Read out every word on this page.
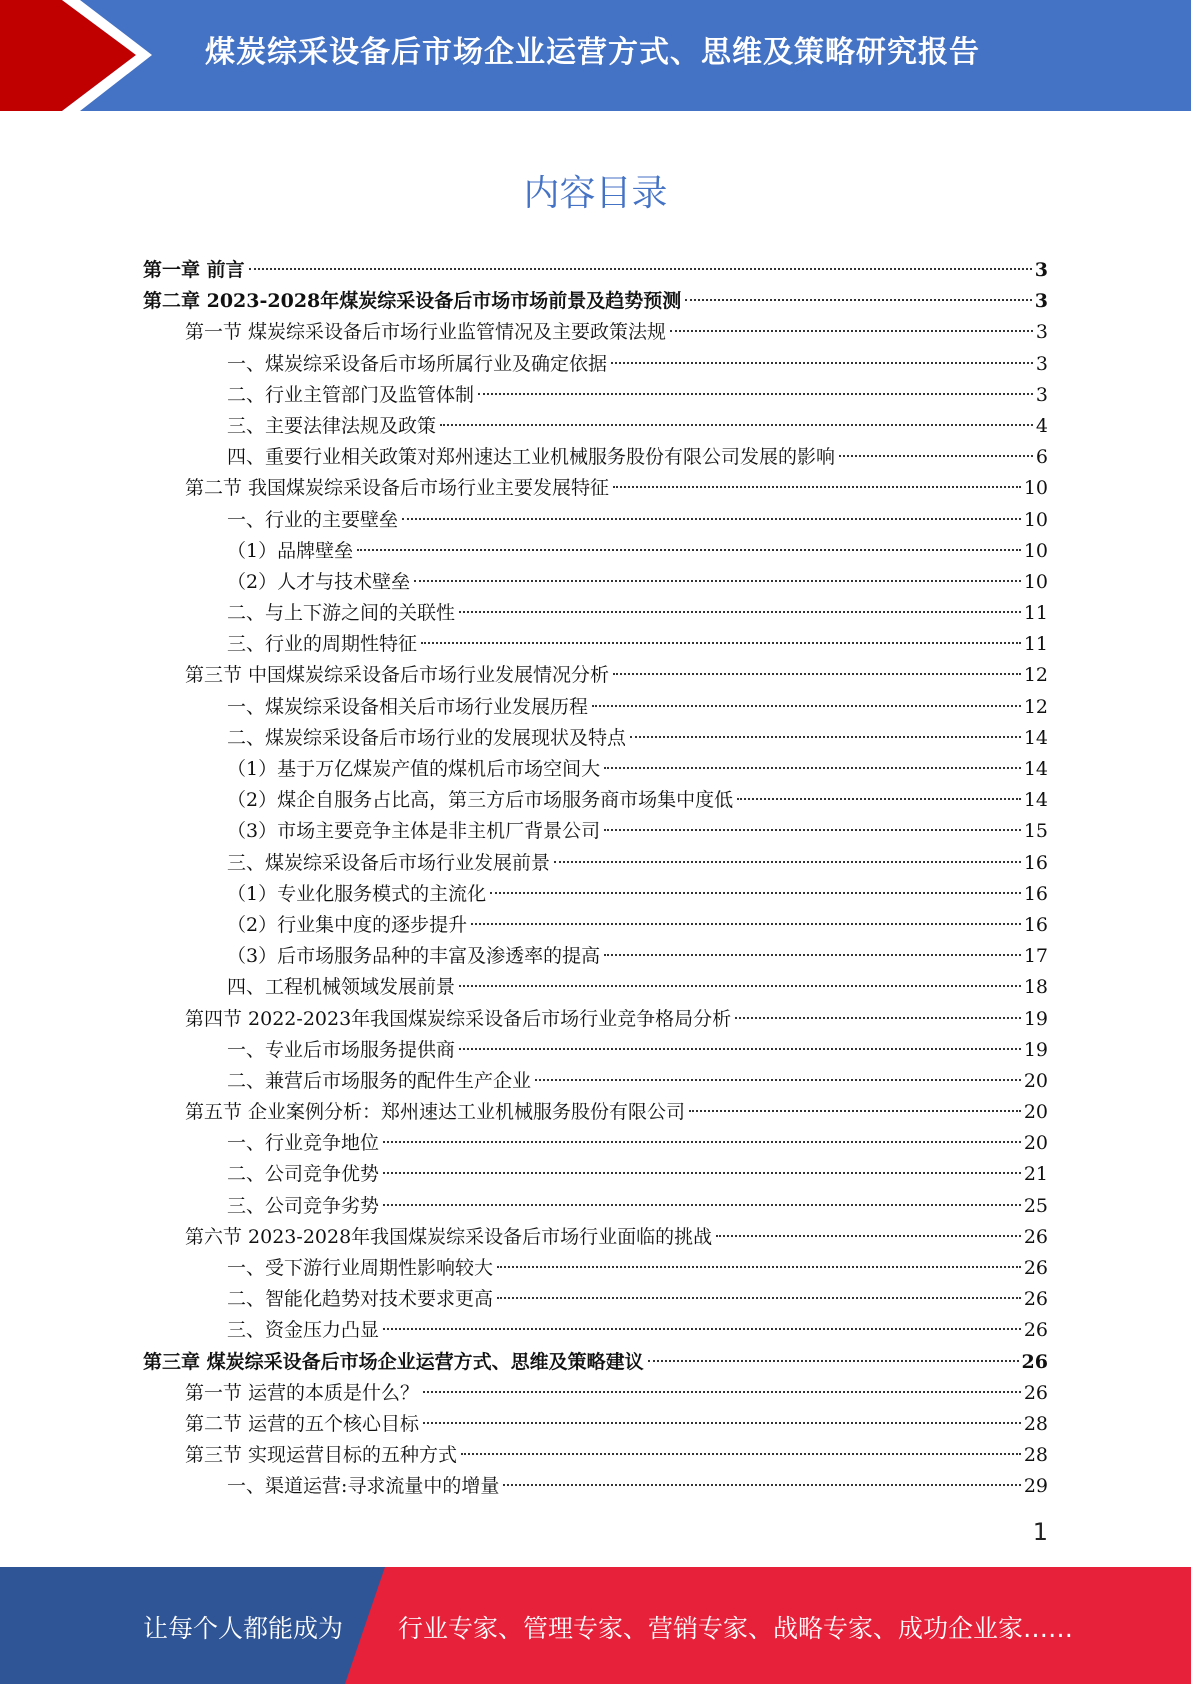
煤炭综采设备后市场企业运营方式、思维及策略研究报告
内容目录
第一章 前言	3
第二章 2023-2028年煤炭综采设备后市场市场前景及趋势预测	3
第一节 煤炭综采设备后市场行业监管情况及主要政策法规	3
一、煤炭综采设备后市场所属行业及确定依据	3
二、行业主管部门及监管体制	3
三、主要法律法规及政策	4
四、重要行业相关政策对郑州速达工业机械服务股份有限公司发展的影响	6
第二节 我国煤炭综采设备后市场行业主要发展特征	10
一、行业的主要壁垒	10
（1）品牌壁垒	10
（2）人才与技术壁垒	10
二、与上下游之间的关联性	11
三、行业的周期性特征	11
第三节 中国煤炭综采设备后市场行业发展情况分析	12
一、煤炭综采设备相关后市场行业发展历程	12
二、煤炭综采设备后市场行业的发展现状及特点	14
（1）基于万亿煤炭产值的煤机后市场空间大	14
（2）煤企自服务占比高，第三方后市场服务商市场集中度低	14
（3）市场主要竞争主体是非主机厂背景公司	15
三、煤炭综采设备后市场行业发展前景	16
（1）专业化服务模式的主流化	16
（2）行业集中度的逐步提升	16
（3）后市场服务品种的丰富及渗透率的提高	17
四、工程机械领域发展前景	18
第四节 2022-2023年我国煤炭综采设备后市场行业竞争格局分析	19
一、专业后市场服务提供商	19
二、兼营后市场服务的配件生产企业	20
第五节 企业案例分析：郑州速达工业机械服务股份有限公司	20
一、行业竞争地位	20
二、公司竞争优势	21
三、公司竞争劣势	25
第六节 2023-2028年我国煤炭综采设备后市场行业面临的挑战	26
一、受下游行业周期性影响较大	26
二、智能化趋势对技术要求更高	26
三、资金压力凸显	26
第三章 煤炭综采设备后市场企业运营方式、思维及策略建议	26
第一节 运营的本质是什么？	26
第二节 运营的五个核心目标	28
第三节 实现运营目标的五种方式	28
一、渠道运营:寻求流量中的增量	29
1
让每个人都能成为 行业专家、管理专家、营销专家、战略专家、成功企业家……
